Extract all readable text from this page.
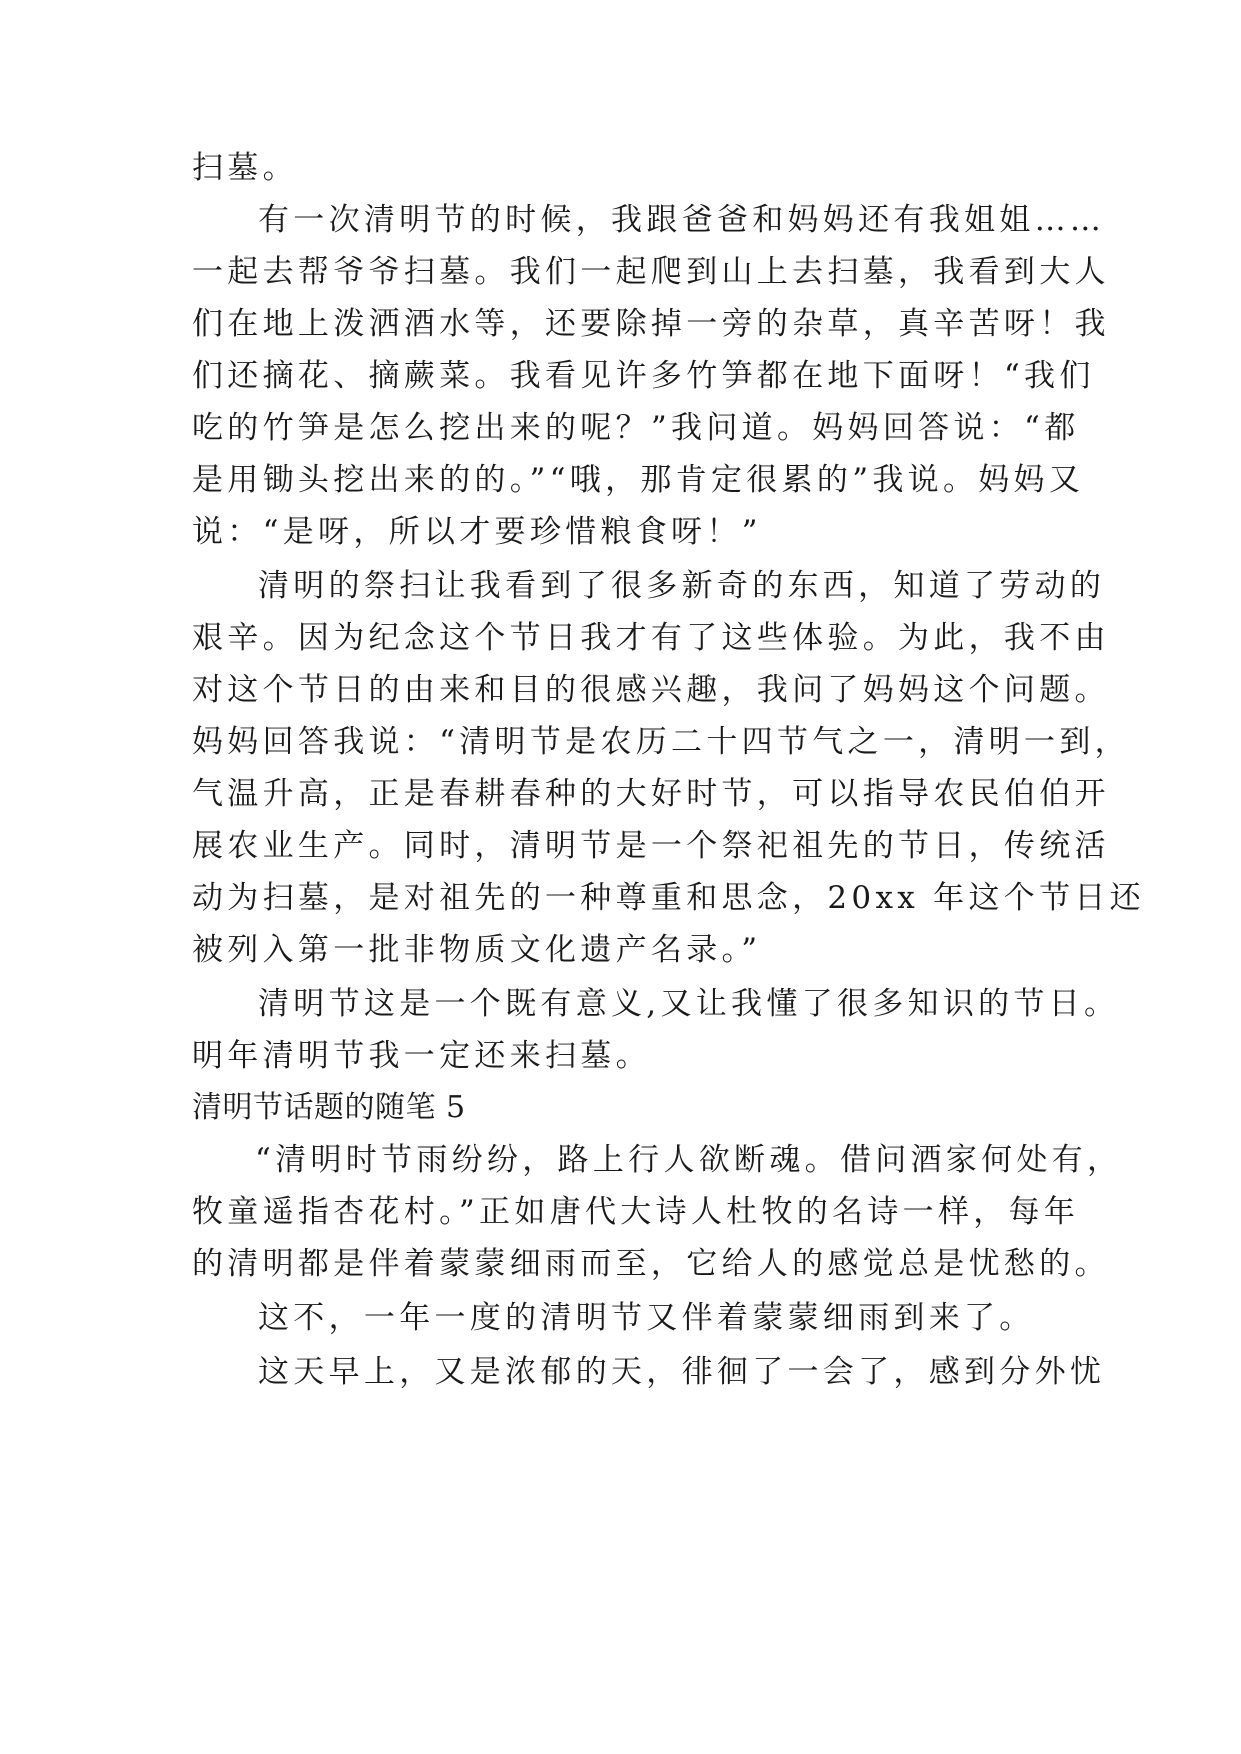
扫墓。
有一次清明节的时候，我跟爸爸和妈妈还有我姐姐……
一起去帮爷爷扫墓。我们一起爬到山上去扫墓，我看到大人
们在地上泼洒酒水等，还要除掉一旁的杂草，真辛苦呀！我
们还摘花、摘蕨菜。我看见许多竹笋都在地下面呀！“我们
吃的竹笋是怎么挖出来的呢？”我问道。妈妈回答说：“都
是用锄头挖出来的的。”“哦，那肯定很累的”我说。妈妈又
说：“是呀，所以才要珍惜粮食呀！”
清明的祭扫让我看到了很多新奇的东西，知道了劳动的
艰辛。因为纪念这个节日我才有了这些体验。为此，我不由
对这个节日的由来和目的很感兴趣，我问了妈妈这个问题。
妈妈回答我说：“清明节是农历二十四节气之一，清明一到，
气温升高，正是春耕春种的大好时节，可以指导农民伯伯开
展农业生产。同时，清明节是一个祭祀祖先的节日，传统活
动为扫墓，是对祖先的一种尊重和思念，20xx 年这个节日还
被列入第一批非物质文化遗产名录。”
清明节这是一个既有意义,又让我懂了很多知识的节日。
明年清明节我一定还来扫墓。
清明节话题的随笔 5
“清明时节雨纷纷，路上行人欲断魂。借问酒家何处有，
牧童遥指杏花村。”正如唐代大诗人杜牧的名诗一样，每年
的清明都是伴着蒙蒙细雨而至，它给人的感觉总是忧愁的。
这不，一年一度的清明节又伴着蒙蒙细雨到来了。
这天早上，又是浓郁的天，徘徊了一会了，感到分外忧
